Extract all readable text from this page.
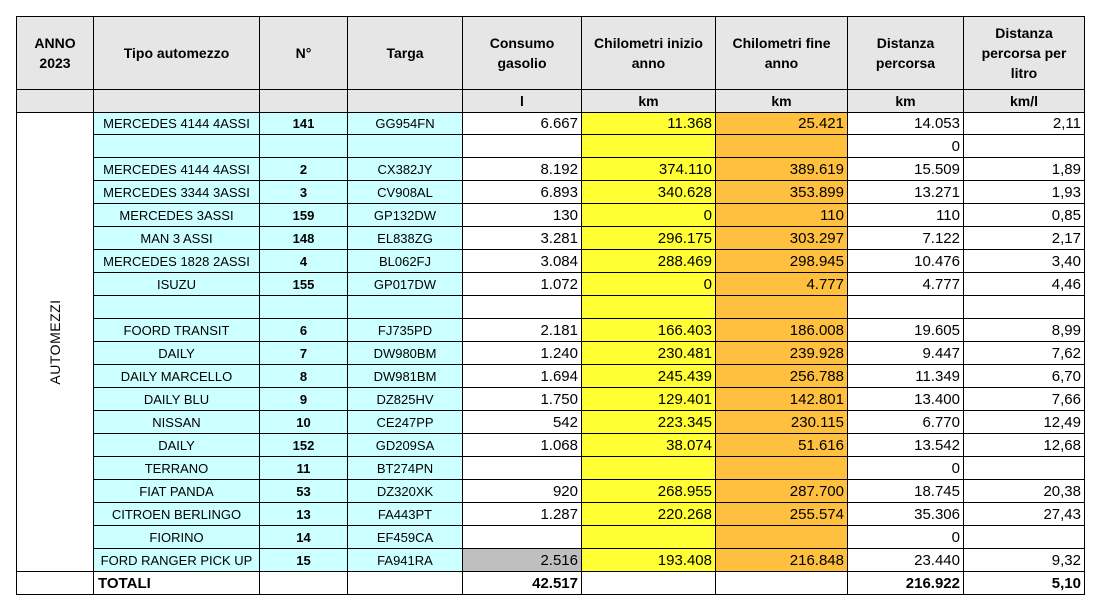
ANNO 2023	Tipo automezzo	N°	Targa	Consumo gasolio	Chilometri inizio anno	Chilometri fine anno	Distanza percorsa	Distanza percorsa per litro
				l	km	km	km	km/l

AUTOMEZZI	MERCEDES 4144 4ASSI	141	GG954FN	6.667	11.368	25.421	14.053	2,11
							0	
	MERCEDES 4144 4ASSI	2	CX382JY	8.192	374.110	389.619	15.509	1,89
	MERCEDES 3344 3ASSI	3	CV908AL	6.893	340.628	353.899	13.271	1,93
	MERCEDES 3ASSI	159	GP132DW	130	0	110	110	0,85
	MAN 3 ASSI	148	EL838ZG	3.281	296.175	303.297	7.122	2,17
	MERCEDES 1828 2ASSI	4	BL062FJ	3.084	288.469	298.945	10.476	3,40
	ISUZU	155	GP017DW	1.072	0	4.777	4.777	4,46

	FOORD TRANSIT	6	FJ735PD	2.181	166.403	186.008	19.605	8,99
	DAILY	7	DW980BM	1.240	230.481	239.928	9.447	7,62
	DAILY MARCELLO	8	DW981BM	1.694	245.439	256.788	11.349	6,70
	DAILY BLU	9	DZ825HV	1.750	129.401	142.801	13.400	7,66
	NISSAN	10	CE247PP	542	223.345	230.115	6.770	12,49
	DAILY	152	GD209SA	1.068	38.074	51.616	13.542	12,68
	TERRANO	11	BT274PN				0	
	FIAT PANDA	53	DZ320XK	920	268.955	287.700	18.745	20,38
	CITROEN BERLINGO	13	FA443PT	1.287	220.268	255.574	35.306	27,43
	FIORINO	14	EF459CA				0	
	FORD RANGER PICK UP	15	FA941RA	2.516	193.408	216.848	23.440	9,32
	TOTALI			42.517			216.922	5,10
